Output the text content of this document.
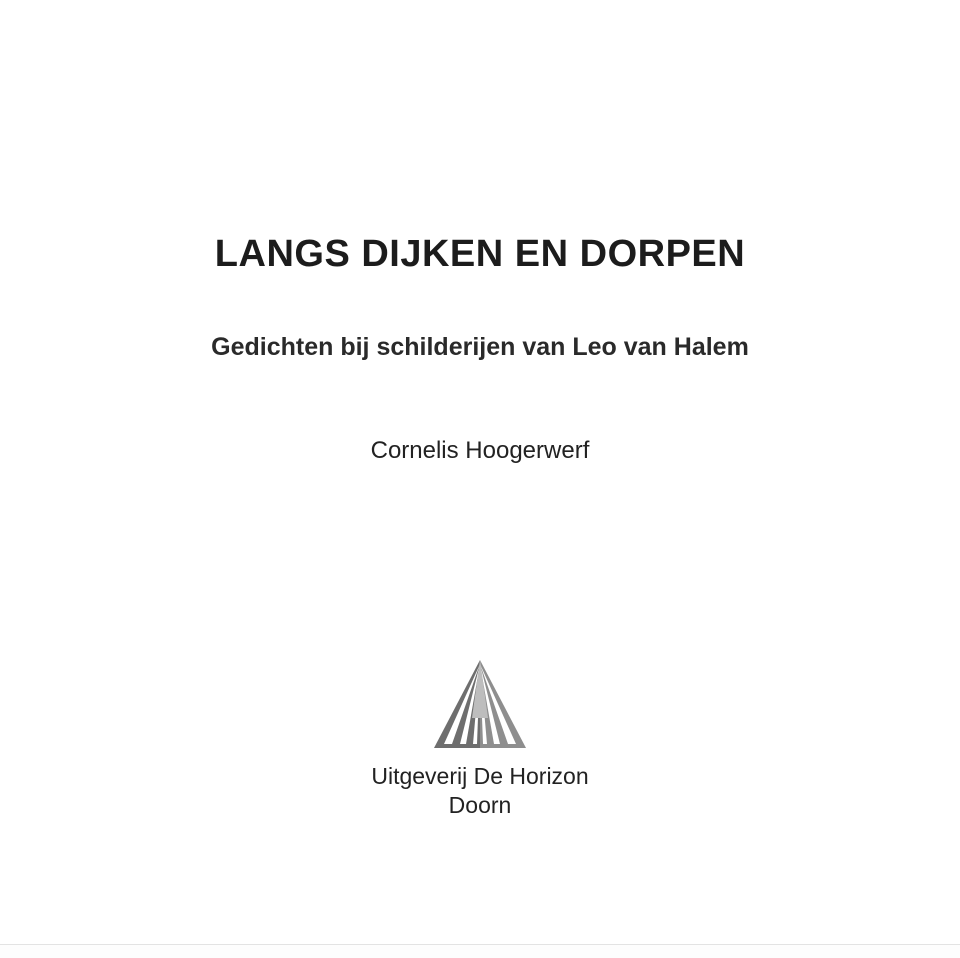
LANGS DIJKEN EN DORPEN
Gedichten bij schilderijen van Leo van Halem
Cornelis Hoogerwerf
Uitgeverij De Horizon
Doorn
